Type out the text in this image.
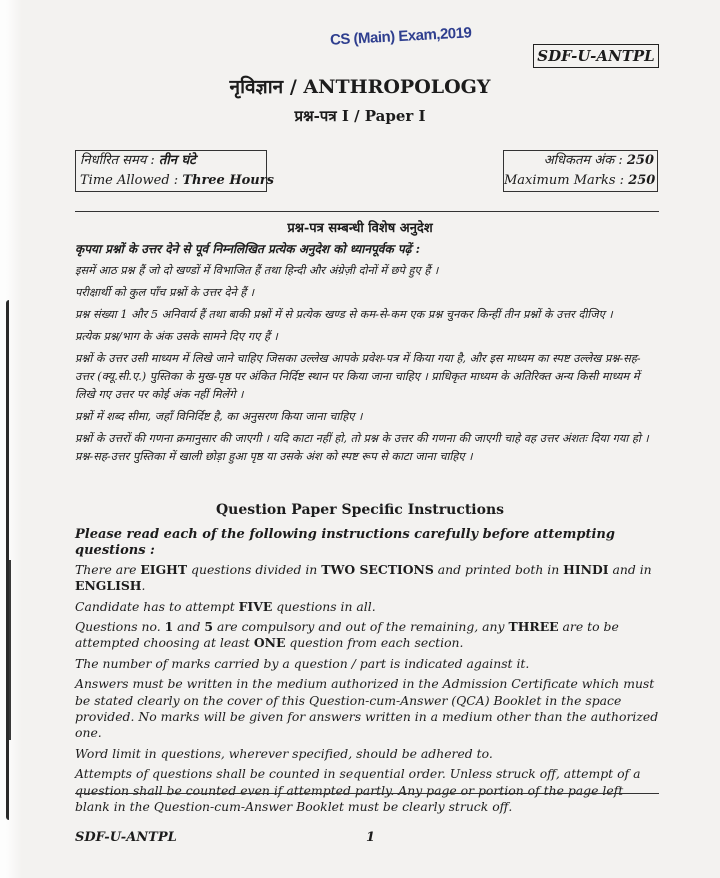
CS (Main) Exam,2019
SDF-U-ANTPL
नृविज्ञान / ANTHROPOLOGY
प्रश्न-पत्र I / Paper I
निर्धारित समय : तीन घंटे
Time Allowed : Three Hours
अधिकतम अंक : 250
Maximum Marks : 250
प्रश्न-पत्र सम्बन्धी विशेष अनुदेश

कृपया प्रश्नों के उत्तर देने से पूर्व निम्नलिखित प्रत्येक अनुदेश को ध्यानपूर्वक पढ़ें :

इसमें आठ प्रश्न हैं जो दो खण्डों में विभाजित हैं तथा हिन्दी और अंग्रेज़ी दोनों में छपे हुए हैं ।

परीक्षार्थी को कुल पाँच प्रश्नों के उत्तर देने हैं ।

प्रश्न संख्या 1 और 5 अनिवार्य हैं तथा बाकी प्रश्नों में से प्रत्येक खण्ड से कम-से-कम एक प्रश्न चुनकर किन्हीं तीन प्रश्नों के उत्तर दीजिए ।

प्रत्येक प्रश्न/भाग के अंक उसके सामने दिए गए हैं ।

प्रश्नों के उत्तर उसी माध्यम में लिखे जाने चाहिए जिसका उल्लेख आपके प्रवेश-पत्र में किया गया है, और इस माध्यम का स्पष्ट उल्लेख प्रश्न-सह-उत्तर (क्यू.सी.ए.) पुस्तिका के मुख-पृष्ठ पर अंकित निर्दिष्ट स्थान पर किया जाना चाहिए । प्राधिकृत माध्यम के अतिरिक्त अन्य किसी माध्यम में लिखे गए उत्तर पर कोई अंक नहीं मिलेंगे ।

प्रश्नों में शब्द सीमा, जहाँ विनिर्दिष्ट है, का अनुसरण किया जाना चाहिए ।

प्रश्नों के उत्तरों की गणना क्रमानुसार की जाएगी । यदि काटा नहीं हो, तो प्रश्न के उत्तर की गणना की जाएगी चाहे वह उत्तर अंशतः दिया गया हो । प्रश्न-सह-उत्तर पुस्तिका में खाली छोड़ा हुआ पृष्ठ या उसके अंश को स्पष्ट रूप से काटा जाना चाहिए ।

Question Paper Specific Instructions

Please read each of the following instructions carefully before attempting questions :

There are EIGHT questions divided in TWO SECTIONS and printed both in HINDI and in ENGLISH.

Candidate has to attempt FIVE questions in all.

Questions no. 1 and 5 are compulsory and out of the remaining, any THREE are to be attempted choosing at least ONE question from each section.

The number of marks carried by a question / part is indicated against it.

Answers must be written in the medium authorized in the Admission Certificate which must be stated clearly on the cover of this Question-cum-Answer (QCA) Booklet in the space provided. No marks will be given for answers written in a medium other than the authorized one.

Word limit in questions, wherever specified, should be adhered to.

Attempts of questions shall be counted in sequential order. Unless struck off, attempt of a question shall be counted even if attempted partly. Any page or portion of the page left blank in the Question-cum-Answer Booklet must be clearly struck off.

SDF-U-ANTPL	1
